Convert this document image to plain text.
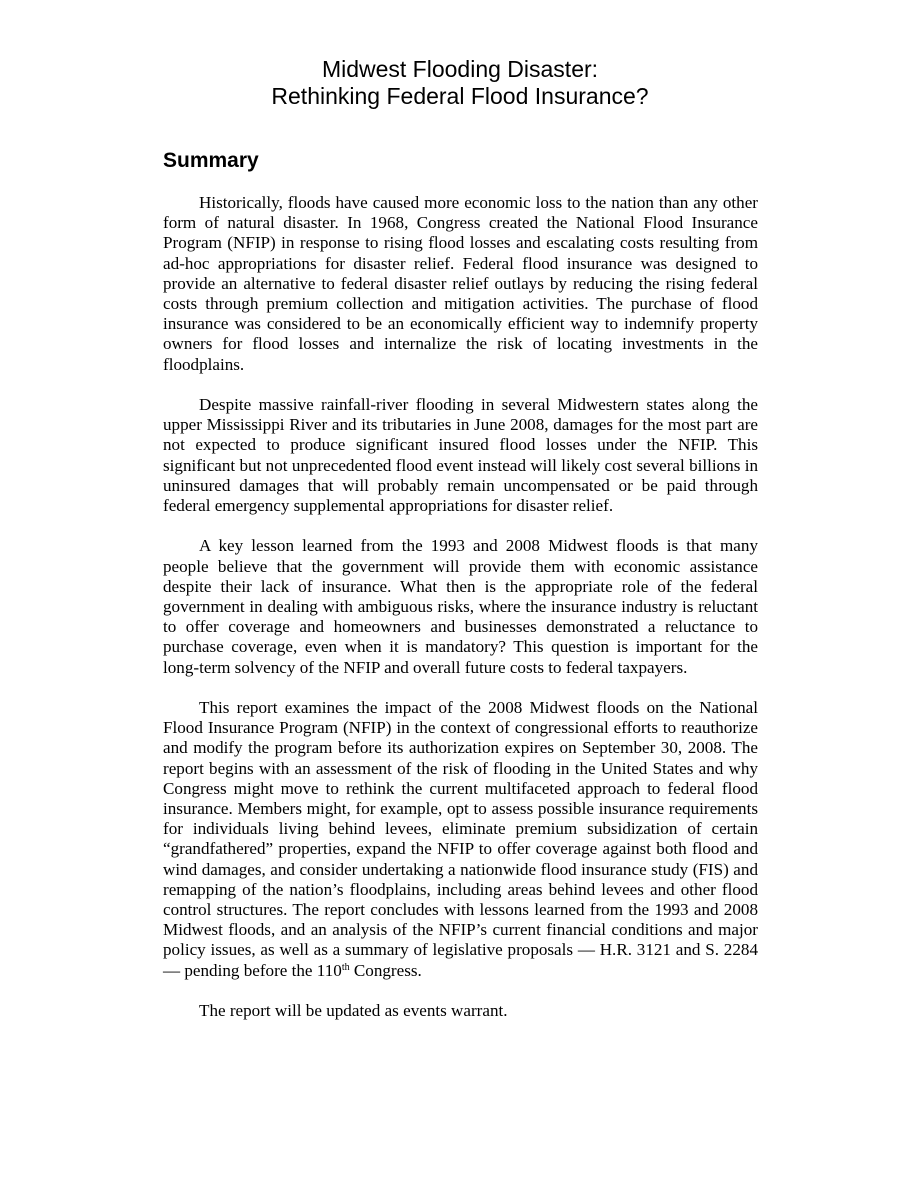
Midwest Flooding Disaster:
Rethinking Federal Flood Insurance?
Summary

Historically, floods have caused more economic loss to the nation than any other form of natural disaster. In 1968, Congress created the National Flood Insurance Program (NFIP) in response to rising flood losses and escalating costs resulting from ad-hoc appropriations for disaster relief. Federal flood insurance was designed to provide an alternative to federal disaster relief outlays by reducing the rising federal costs through premium collection and mitigation activities. The purchase of flood insurance was considered to be an economically efficient way to indemnify property owners for flood losses and internalize the risk of locating investments in the floodplains.

Despite massive rainfall-river flooding in several Midwestern states along the upper Mississippi River and its tributaries in June 2008, damages for the most part are not expected to produce significant insured flood losses under the NFIP. This significant but not unprecedented flood event instead will likely cost several billions in uninsured damages that will probably remain uncompensated or be paid through federal emergency supplemental appropriations for disaster relief.

A key lesson learned from the 1993 and 2008 Midwest floods is that many people believe that the government will provide them with economic assistance despite their lack of insurance. What then is the appropriate role of the federal government in dealing with ambiguous risks, where the insurance industry is reluctant to offer coverage and homeowners and businesses demonstrated a reluctance to purchase coverage, even when it is mandatory? This question is important for the long-term solvency of the NFIP and overall future costs to federal taxpayers.

This report examines the impact of the 2008 Midwest floods on the National Flood Insurance Program (NFIP) in the context of congressional efforts to reauthorize and modify the program before its authorization expires on September 30, 2008. The report begins with an assessment of the risk of flooding in the United States and why Congress might move to rethink the current multifaceted approach to federal flood insurance. Members might, for example, opt to assess possible insurance requirements for individuals living behind levees, eliminate premium subsidization of certain “grandfathered” properties, expand the NFIP to offer coverage against both flood and wind damages, and consider undertaking a nationwide flood insurance study (FIS) and remapping of the nation’s floodplains, including areas behind levees and other flood control structures. The report concludes with lessons learned from the 1993 and 2008 Midwest floods, and an analysis of the NFIP’s current financial conditions and major policy issues, as well as a summary of legislative proposals — H.R. 3121 and S. 2284 — pending before the 110th Congress.

The report will be updated as events warrant.
